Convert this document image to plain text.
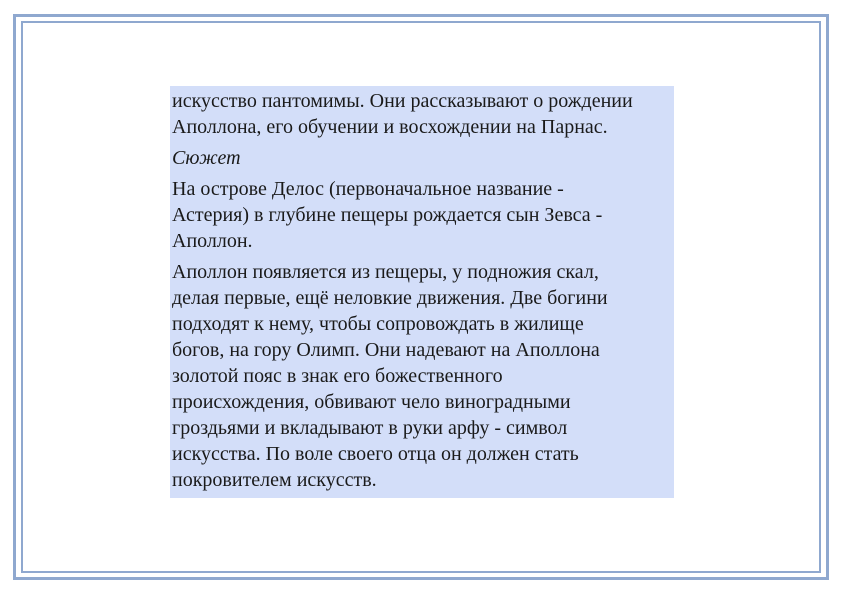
искусство пантомимы. Они рассказывают о рождении
Аполлона, его обучении и восхождении на Парнас.

Сюжет

На острове Делос (первоначальное название -
Астерия) в глубине пещеры рождается сын Зевса -
Аполлон.

Аполлон появляется из пещеры, у подножия скал,
делая первые, ещё неловкие движения. Две богини
подходят к нему, чтобы сопровождать в жилище
богов, на гору Олимп. Они надевают на Аполлона
золотой пояс в знак его божественного
происхождения, обвивают чело виноградными
гроздьями и вкладывают в руки арфу - символ
искусства. По воле своего отца он должен стать
покровителем искусств.
